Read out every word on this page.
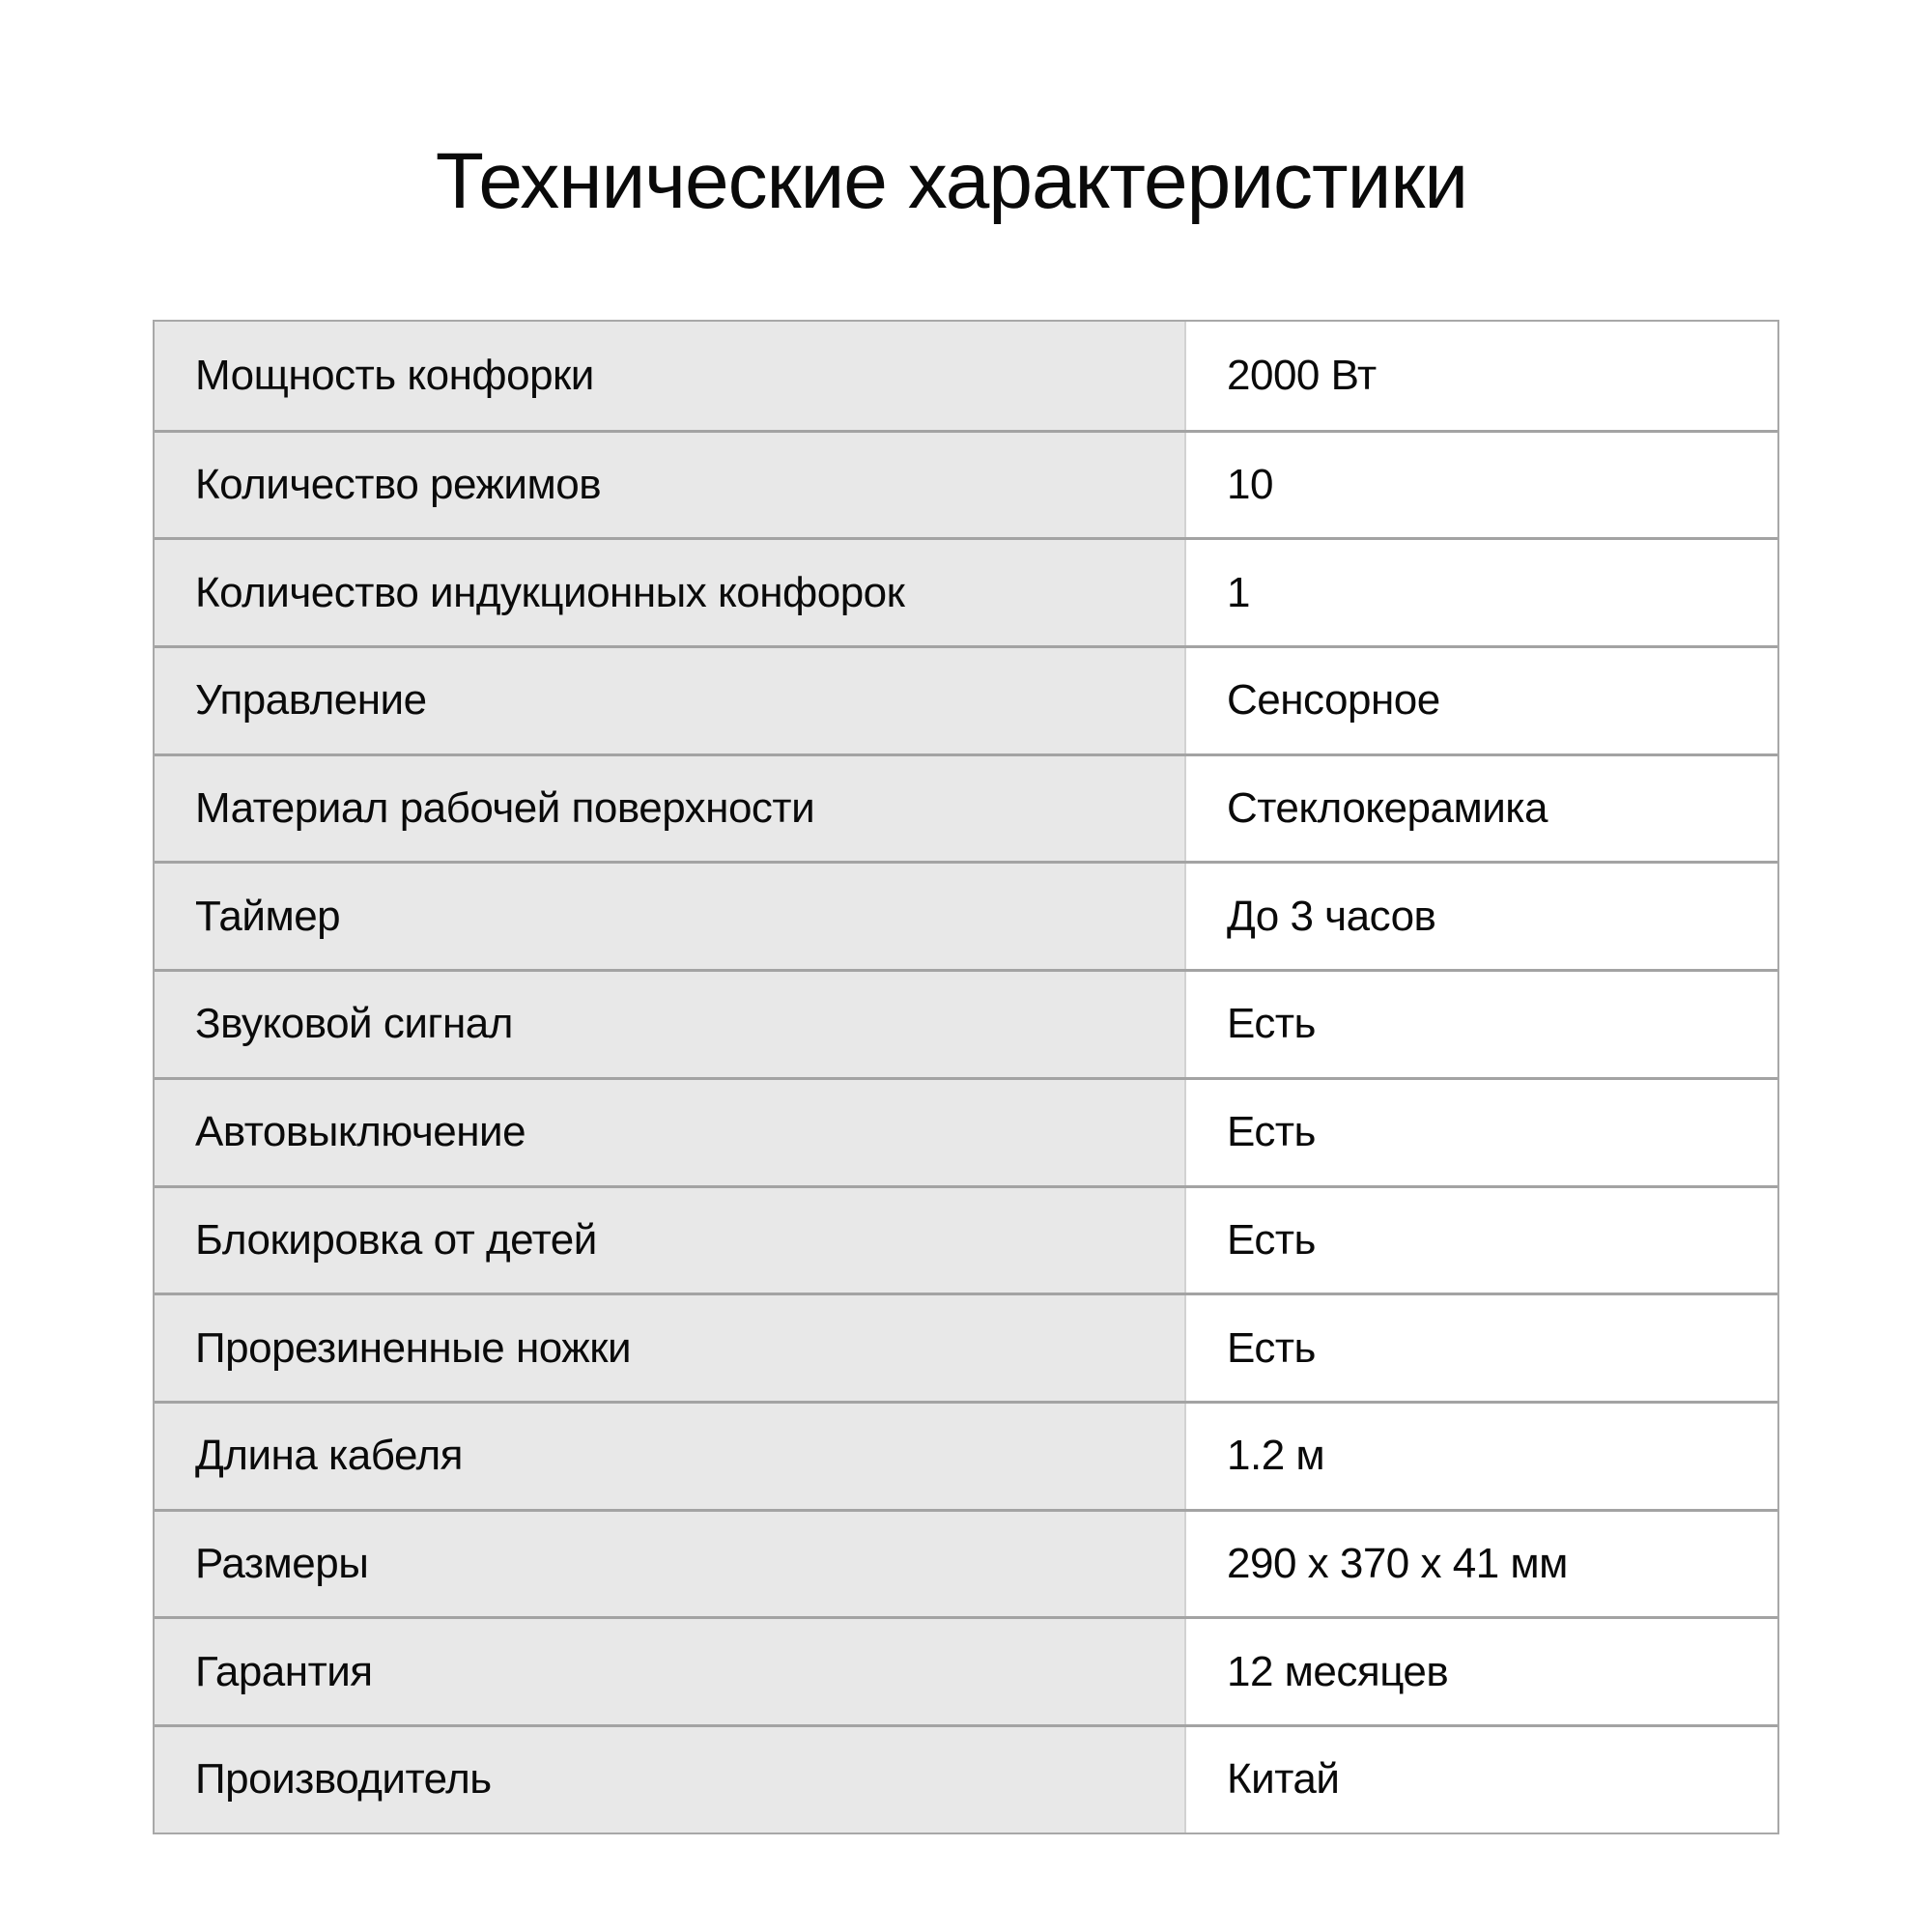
Технические характеристики
Мощность конфорки	2000 Вт
Количество режимов	10
Количество индукционных конфорок	1
Управление	Сенсорное
Материал рабочей поверхности	Стеклокерамика
Таймер	До 3 часов
Звуковой сигнал	Есть
Автовыключение	Есть
Блокировка от детей	Есть
Прорезиненные ножки	Есть
Длина кабеля	1.2 м
Размеры	290 x 370 x 41 мм
Гарантия	12 месяцев
Производитель	Китай
